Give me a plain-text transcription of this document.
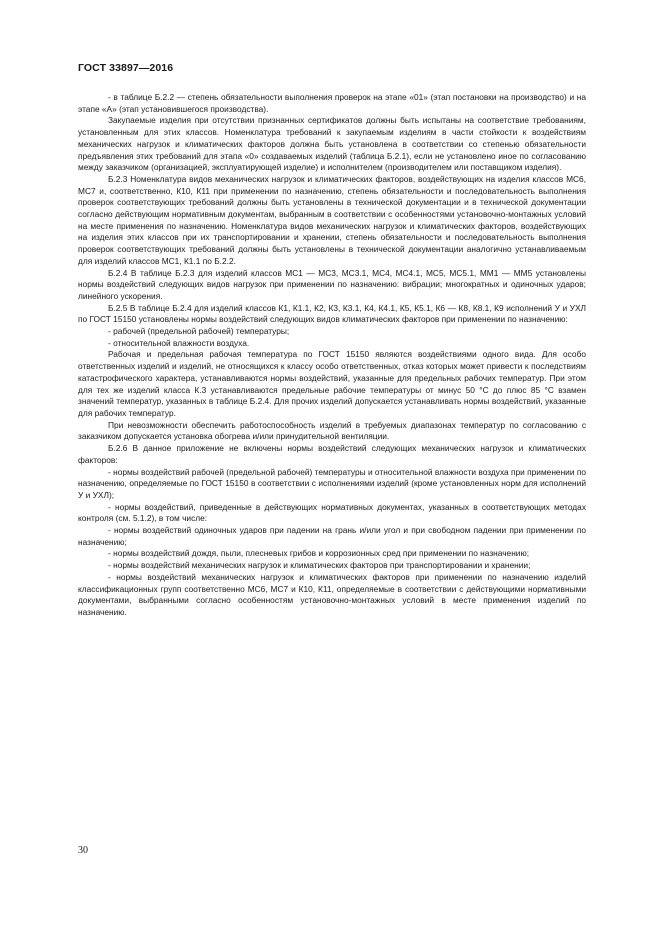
ГОСТ 33897—2016

- в таблице Б.2.2 — степень обязательности выполнения проверок на этапе «01» (этап постановки на производство) и на этапе «А» (этап установившегося производства).

Закупаемые изделия при отсутствии признанных сертификатов должны быть испытаны на соответствие требованиям, установленным для этих классов. Номенклатура требований к закупаемым изделиям в части стойкости к воздействиям механических нагрузок и климатических факторов должна быть установлена в соответствии со степенью обязательности предъявления этих требований для этапа «0» создаваемых изделий (таблица Б.2.1), если не установлено иное по согласованию между заказчиком (организацией, эксплуатирующей изделие) и исполнителем (производителем или поставщиком изделия).

Б.2.3 Номенклатура видов механических нагрузок и климатических факторов, воздействующих на изделия классов МС6, МС7 и, соответственно, К10, К11 при применении по назначению, степень обязательности и последовательность выполнения проверок соответствующих требований должны быть установлены в технической документации и в технической документации согласно действующим нормативным документам, выбранным в соответствии с особенностями установочно-монтажных условий на месте применения по назначению. Номенклатура видов механических нагрузок и климатических факторов, воздействующих на изделия этих классов при их транспортировании и хранении, степень обязательности и последовательность выполнения проверок соответствующих требований должны быть установлены в технической документации аналогично устанавливаемым для изделий классов МС1, К1.1 по Б.2.2.

Б.2.4 В таблице Б.2.3 для изделий классов МС1 — МС3, МС3.1, МС4, МС4.1, МС5, МС5.1, ММ1 — ММ5 установлены нормы воздействий следующих видов нагрузок при применении по назначению: вибрации; многократных и одиночных ударов; линейного ускорения.

Б.2.5 В таблице Б.2.4 для изделий классов К1, К1.1, К2, К3, К3.1, К4, К4.1, К5, К5.1, К6 — К8, К8.1, К9 исполнений У и УХЛ по ГОСТ 15150 установлены нормы воздействий следующих видов климатических факторов при применении по назначению:

- рабочей (предельной рабочей) температуры;

- относительной влажности воздуха.

Рабочая и предельная рабочая температура по ГОСТ 15150 являются воздействиями одного вида. Для особо ответственных изделий и изделий, не относящихся к классу особо ответственных, отказ которых может привести к последствиям катастрофического характера, устанавливаются нормы воздействий, указанные для предельных рабочих температур. При этом для тех же изделий класса К.3 устанавливаются предельные рабочие температуры от минус 50 °С до плюс 85 °С взамен значений температур, указанных в таблице Б.2.4. Для прочих изделий допускается устанавливать нормы воздействий, указанные для рабочих температур.

При невозможности обеспечить работоспособность изделий в требуемых диапазонах температур по согласованию с заказчиком допускается установка обогрева и/или принудительной вентиляции.

Б.2.6 В данное приложение не включены нормы воздействий следующих механических нагрузок и климатических факторов:

- нормы воздействий рабочей (предельной рабочей) температуры и относительной влажности воздуха при применении по назначению, определяемые по ГОСТ 15150 в соответствии с исполнениями изделий (кроме установленных норм для исполнений У и УХЛ);

- нормы воздействий, приведенные в действующих нормативных документах, указанных в соответствующих методах контроля (см. 5.1.2), в том числе:

- нормы воздействий одиночных ударов при падении на грань и/или угол и при свободном падении при применении по назначению;

- нормы воздействий дождя, пыли, плесневых грибов и коррозионных сред при применении по назначению;

- нормы воздействий механических нагрузок и климатических факторов при транспортировании и хранении;

- нормы воздействий механических нагрузок и климатических факторов при применении по назначению изделий классификационных групп соответственно МС6, МС7 и К10, К11, определяемые в соответствии с действующими нормативными документами, выбранными согласно особенностям установочно-монтажных условий в месте применения изделий по назначению.

30
